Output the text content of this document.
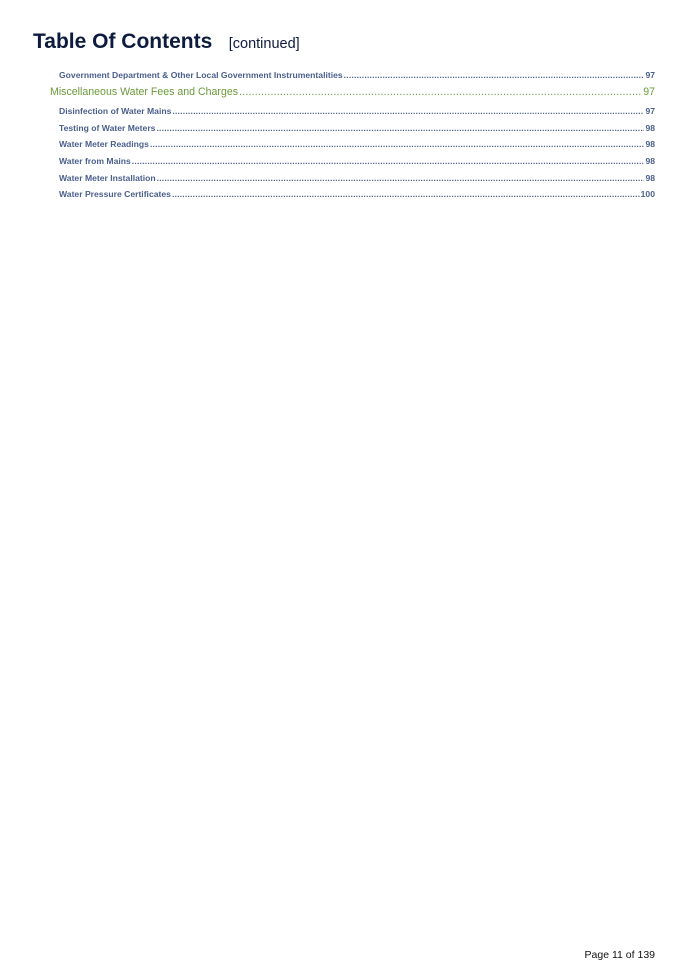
Table Of Contents [continued]
Government Department & Other Local Government Instrumentalities .....	97
Miscellaneous Water Fees and Charges .....	97
Disinfection of Water Mains .....	97
Testing of Water Meters .....	98
Water Meter Readings .....	98
Water from Mains .....	98
Water Meter Installation .....	98
Water Pressure Certificates .....	100
Page 11 of 139
